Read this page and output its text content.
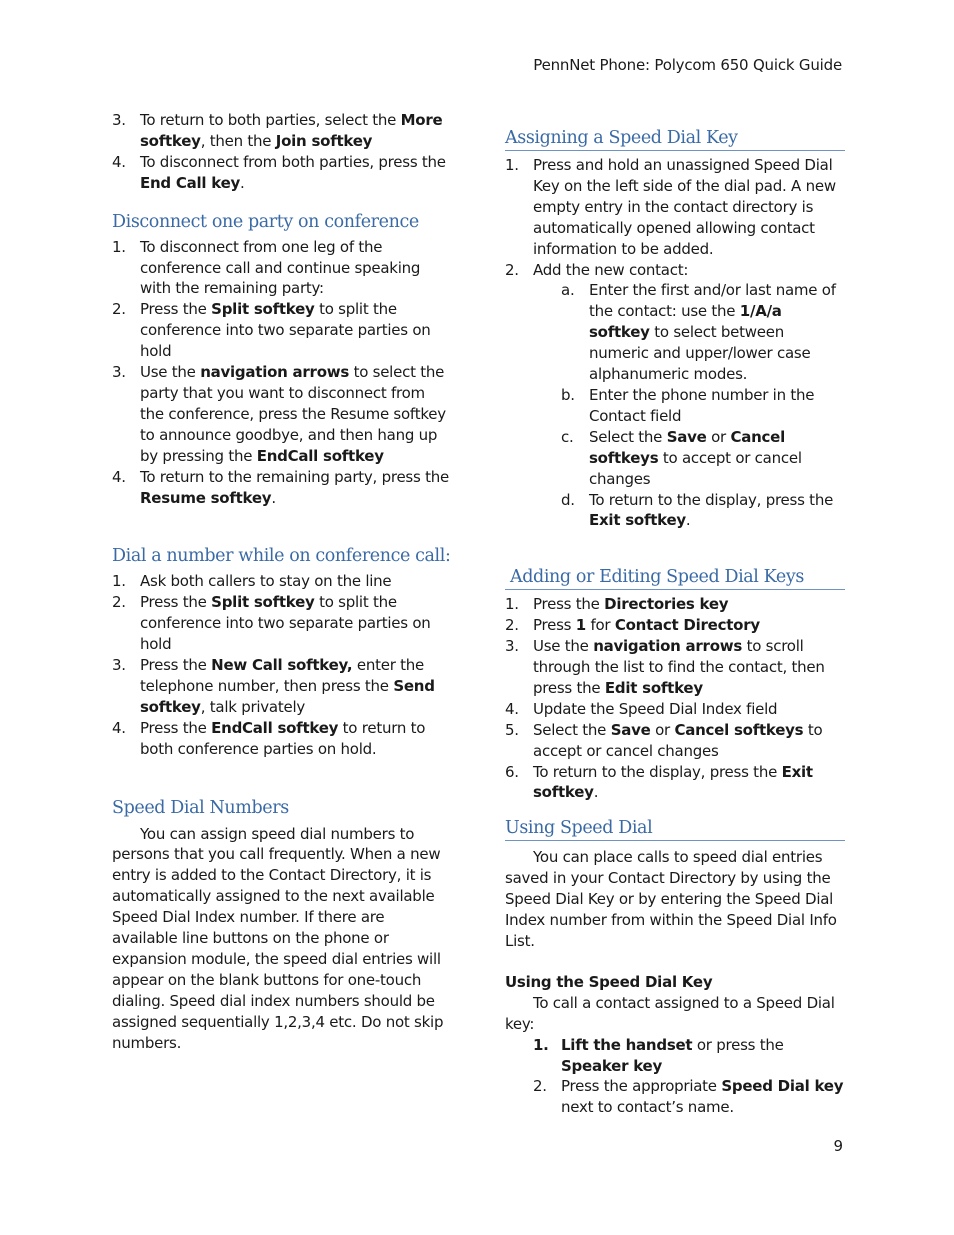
PennNet Phone: Polycom 650 Quick Guide
3. To return to both parties, select the More softkey, then the Join softkey
4. To disconnect from both parties, press the End Call key.
Disconnect one party on conference
1. To disconnect from one leg of the conference call and continue speaking with the remaining party:
2. Press the Split softkey to split the conference into two separate parties on hold
3. Use the navigation arrows to select the party that you want to disconnect from the conference, press the Resume softkey to announce goodbye, and then hang up by pressing the EndCall softkey
4. To return to the remaining party, press the Resume softkey.
Dial a number while on conference call:
1. Ask both callers to stay on the line
2. Press the Split softkey to split the conference into two separate parties on hold
3. Press the New Call softkey, enter the telephone number, then press the Send softkey, talk privately
4. Press the EndCall softkey to return to both conference parties on hold.
Speed Dial Numbers

You can assign speed dial numbers to persons that you call frequently. When a new entry is added to the Contact Directory, it is automatically assigned to the next available Speed Dial Index number. If there are available line buttons on the phone or expansion module, the speed dial entries will appear on the blank buttons for one-touch dialing. Speed dial index numbers should be assigned sequentially 1,2,3,4 etc. Do not skip numbers.

Assigning a Speed Dial Key
1. Press and hold an unassigned Speed Dial Key on the left side of the dial pad. A new empty entry in the contact directory is automatically opened allowing contact information to be added.
2. Add the new contact:
a. Enter the first and/or last name of the contact: use the 1/A/a softkey to select between numeric and upper/lower case alphanumeric modes.
b. Enter the phone number in the Contact field
c. Select the Save or Cancel softkeys to accept or cancel changes
d. To return to the display, press the Exit softkey.
Adding or Editing Speed Dial Keys
1. Press the Directories key
2. Press 1 for Contact Directory
3. Use the navigation arrows to scroll through the list to find the contact, then press the Edit softkey
4. Update the Speed Dial Index field
5. Select the Save or Cancel softkeys to accept or cancel changes
6. To return to the display, press the Exit softkey.
Using Speed Dial

You can place calls to speed dial entries saved in your Contact Directory by using the Speed Dial Key or by entering the Speed Dial Index number from within the Speed Dial Info List.

Using the Speed Dial Key

To call a contact assigned to a Speed Dial key:

1. Lift the handset or press the Speaker key
2. Press the appropriate Speed Dial key next to contact’s name.
9
